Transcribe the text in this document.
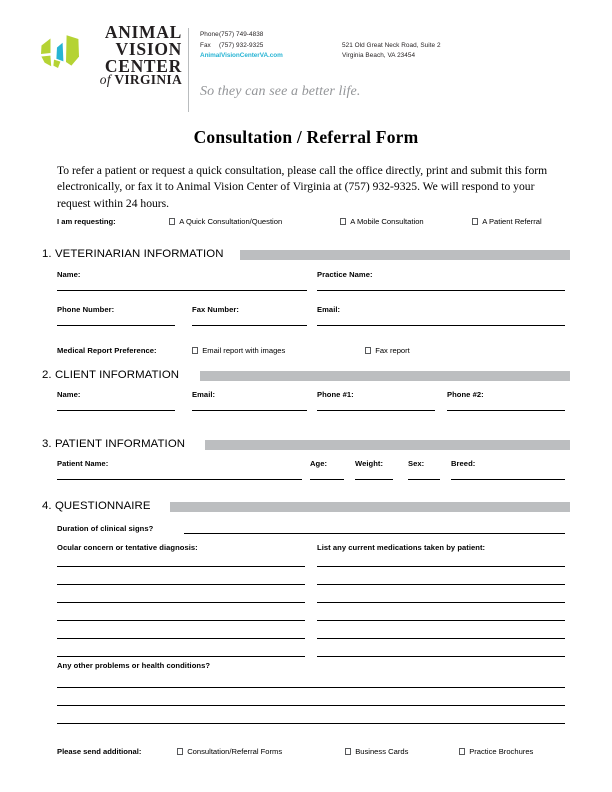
ANIMAL
VISION
CENTER
of VIRGINIA
Phone(757) 749-4838
Fax (757) 932-9325
AnimalVisionCenterVA.com
521 Old Great Neck Road, Suite 2
Virginia Beach, VA 23454
So they can see a better life.
Consultation / Referral Form
To refer a patient or request a quick consultation, please call the office directly, print and submit this form electronically, or fax it to Animal Vision Center of Virginia at (757) 932-9325. We will respond to your request within 24 hours.
I am requesting:	A Quick Consultation/Question	A Mobile Consultation	A Patient Referral
1. VETERINARIAN INFORMATION
Name:	Practice Name:
Phone Number:	Fax Number:	Email:
Medical Report Preference:	Email report with images	Fax report
2. CLIENT INFORMATION
Name:	Email:	Phone #1:	Phone #2:
3. PATIENT INFORMATION
Patient Name:	Age:	Weight:	Sex:	Breed:
4. QUESTIONNAIRE
Duration of clinical signs?
Ocular concern or tentative diagnosis:	List any current medications taken by patient:
Any other problems or health conditions?
Please send additional:	Consultation/Referral Forms	Business Cards	Practice Brochures
